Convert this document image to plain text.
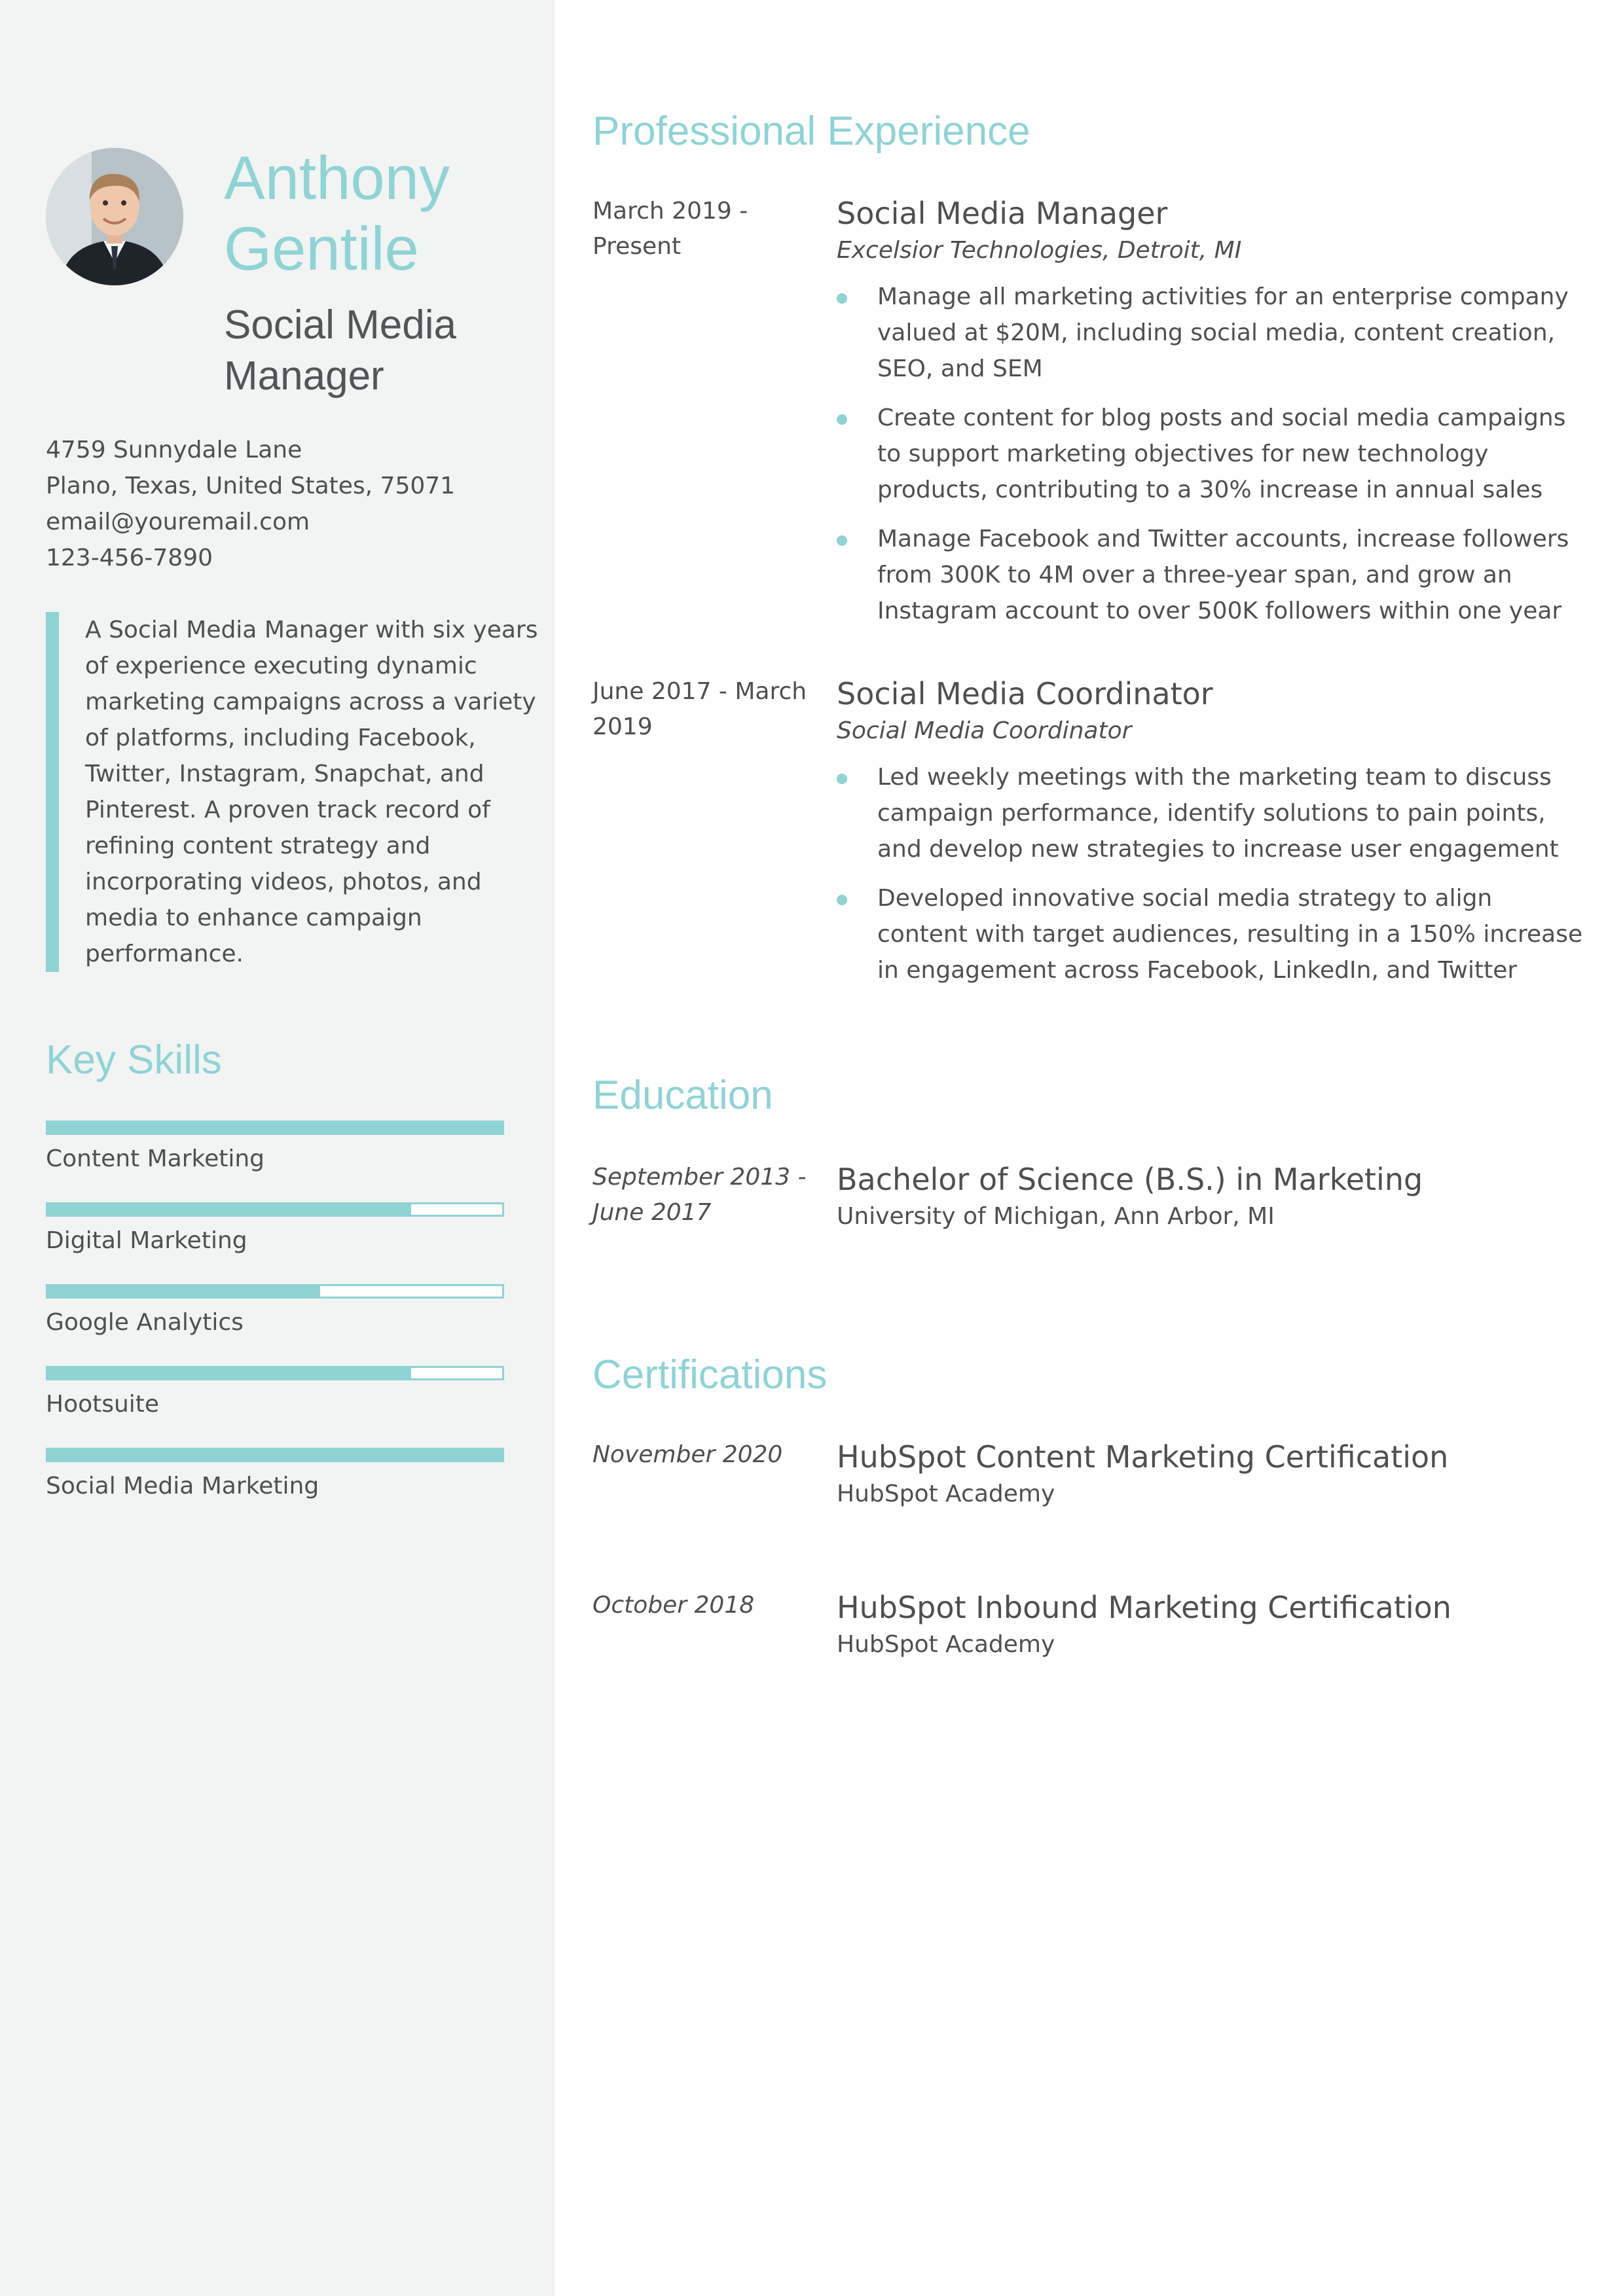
Anthony
Gentile
Social Media Manager
4759 Sunnydale Lane
Plano, Texas, United States, 75071
email@youremail.com
123-456-7890
A Social Media Manager with six years of experience executing dynamic marketing campaigns across a variety of platforms, including Facebook, Twitter, Instagram, Snapchat, and Pinterest. A proven track record of refining content strategy and incorporating videos, photos, and media to enhance campaign performance.
Key Skills
Content Marketing
Digital Marketing
Google Analytics
Hootsuite
Social Media Marketing
Professional Experience
March 2019 - Present
Social Media Manager
Excelsior Technologies, Detroit, MI
Manage all marketing activities for an enterprise company valued at $20M, including social media, content creation, SEO, and SEM
Create content for blog posts and social media campaigns to support marketing objectives for new technology products, contributing to a 30% increase in annual sales
Manage Facebook and Twitter accounts, increase followers from 300K to 4M over a three-year span, and grow an Instagram account to over 500K followers within one year
June 2017 - March 2019
Social Media Coordinator
Social Media Coordinator
Led weekly meetings with the marketing team to discuss campaign performance, identify solutions to pain points, and develop new strategies to increase user engagement
Developed innovative social media strategy to align content with target audiences, resulting in a 150% increase in engagement across Facebook, LinkedIn, and Twitter
Education
September 2013 - June 2017
Bachelor of Science (B.S.) in Marketing
University of Michigan, Ann Arbor, MI
Certifications
November 2020	HubSpot Content Marketing Certification
HubSpot Academy
October 2018	HubSpot Inbound Marketing Certification
HubSpot Academy
